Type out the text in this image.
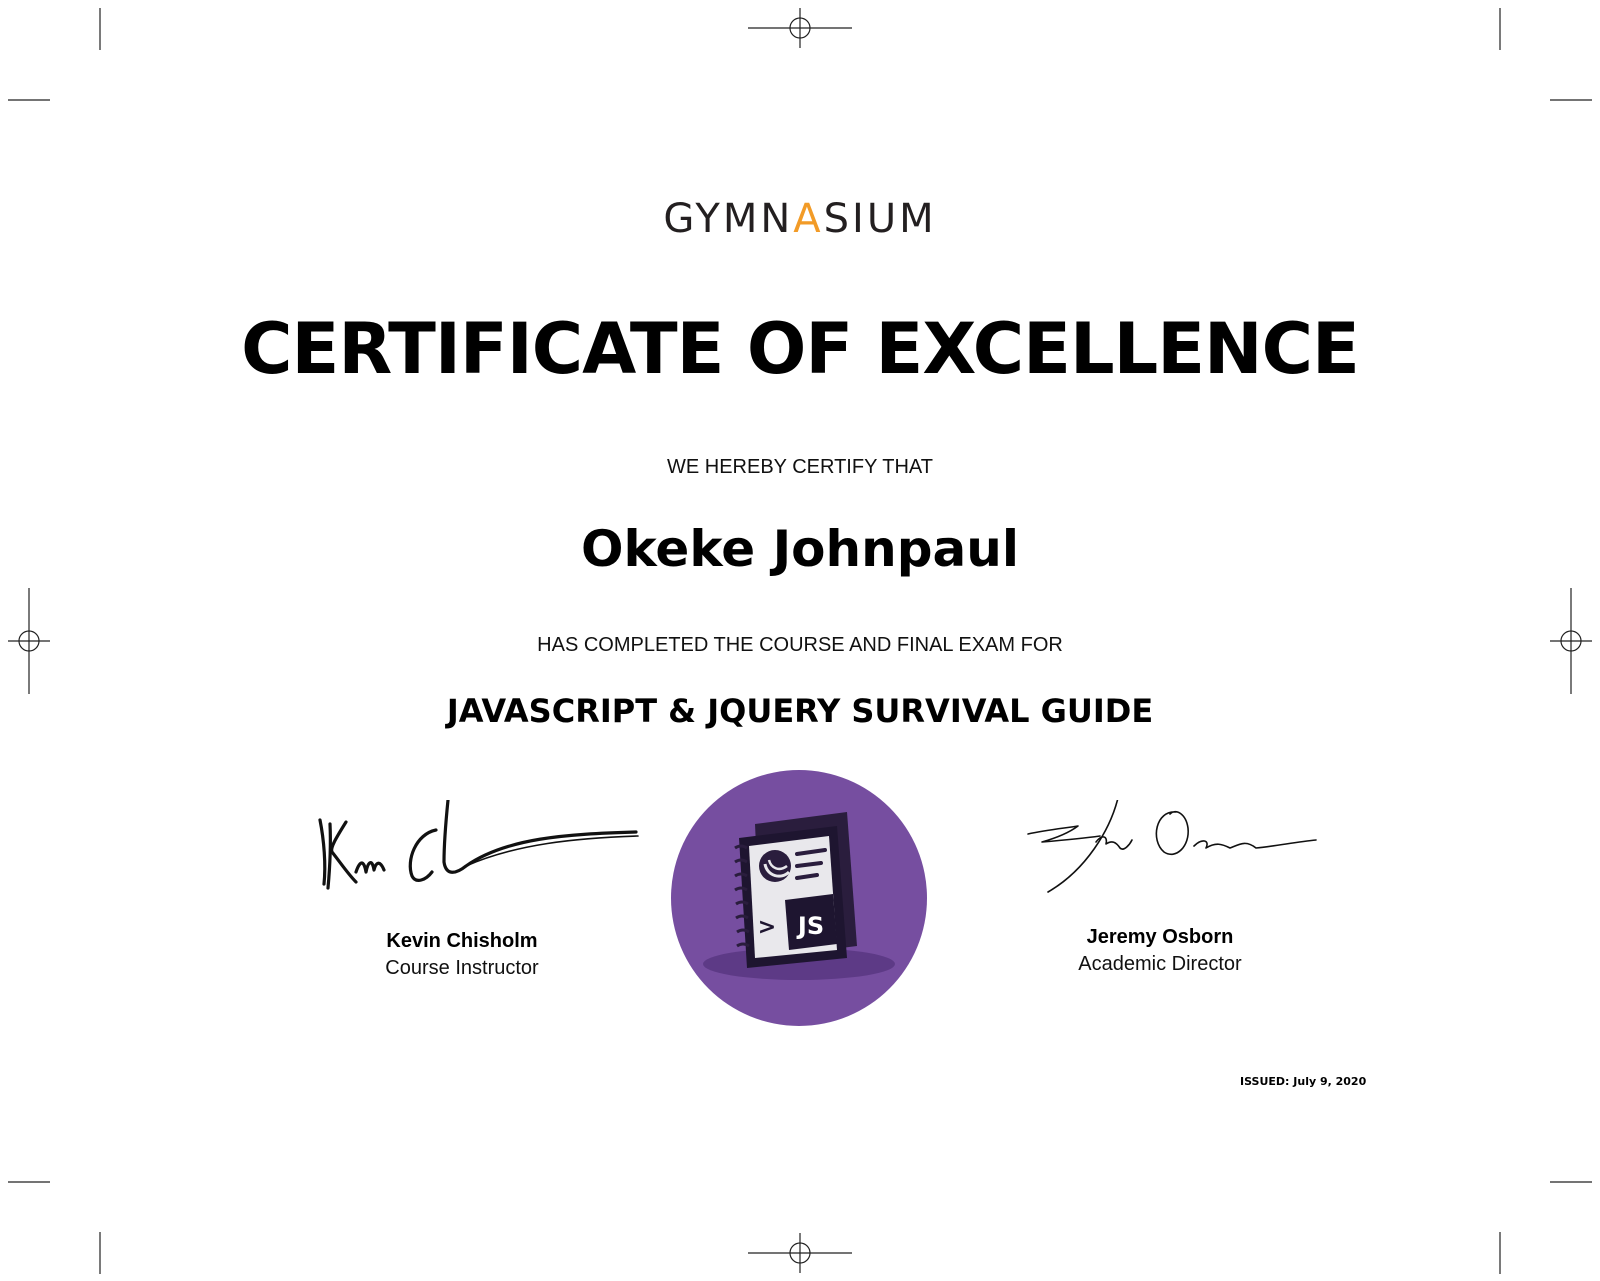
GYMNASIUM
CERTIFICATE OF EXCELLENCE
WE HEREBY CERTIFY THAT
Okeke Johnpaul
HAS COMPLETED THE COURSE AND FINAL EXAM FOR
JAVASCRIPT & JQUERY SURVIVAL GUIDE
Kevin Chisholm
Course Instructor
Jeremy Osborn
Academic Director
JS
>
ISSUED: July 9, 2020
